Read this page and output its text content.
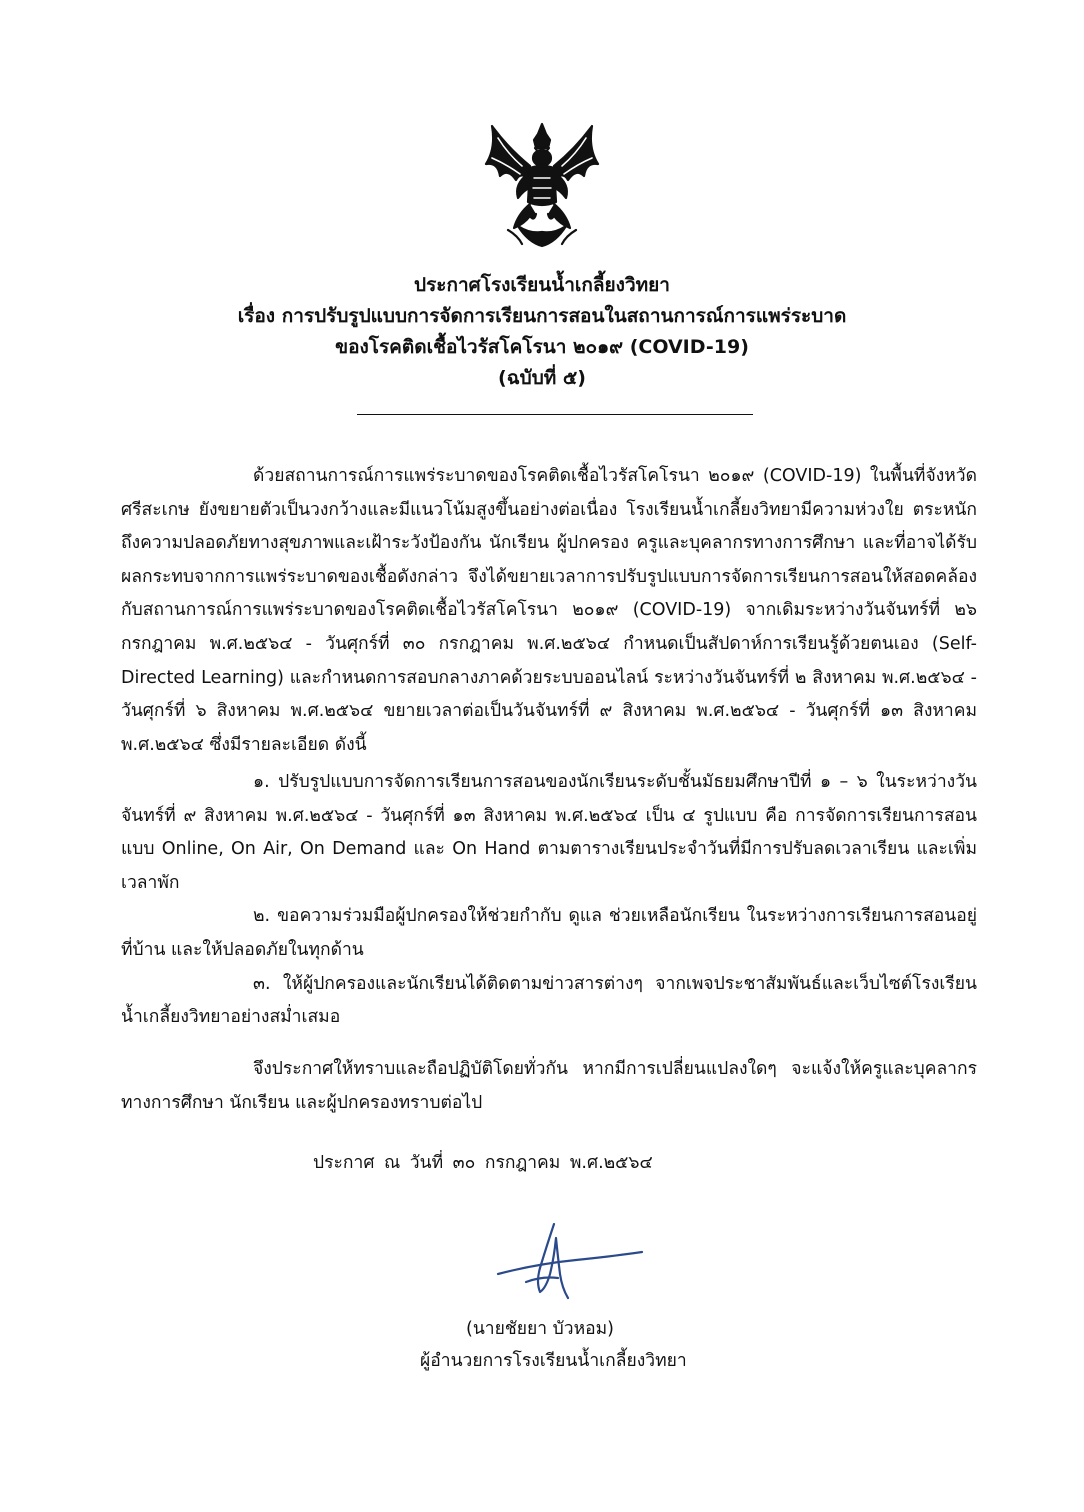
ประกาศโรงเรียนน้ำเกลี้ยงวิทยา
เรื่อง การปรับรูปแบบการจัดการเรียนการสอนในสถานการณ์การแพร่ระบาด
ของโรคติดเชื้อไวรัสโคโรนา ๒๐๑๙ (COVID-19)
(ฉบับที่ ๕)

ด้วยสถานการณ์การแพร่ระบาดของโรคติดเชื้อไวรัสโคโรนา ๒๐๑๙ (COVID-19) ในพื้นที่จังหวัดศรีสะเกษ ยังขยายตัวเป็นวงกว้างและมีแนวโน้มสูงขึ้นอย่างต่อเนื่อง โรงเรียนน้ำเกลี้ยงวิทยามีความห่วงใย ตระหนักถึงความปลอดภัยทางสุขภาพและเฝ้าระวังป้องกัน นักเรียน ผู้ปกครอง ครูและบุคลากรทางการศึกษา และที่อาจได้รับผลกระทบจากการแพร่ระบาดของเชื้อดังกล่าว จึงได้ขยายเวลาการปรับรูปแบบการจัดการเรียนการสอนให้สอดคล้องกับสถานการณ์การแพร่ระบาดของโรคติดเชื้อไวรัสโคโรนา ๒๐๑๙ (COVID-19) จากเดิมระหว่างวันจันทร์ที่ ๒๖ กรกฎาคม พ.ศ.๒๕๖๔ - วันศุกร์ที่ ๓๐ กรกฎาคม พ.ศ.๒๕๖๔ กำหนดเป็นสัปดาห์การเรียนรู้ด้วยตนเอง (Self-Directed Learning) และกำหนดการสอบกลางภาคด้วยระบบออนไลน์ ระหว่างวันจันทร์ที่ ๒ สิงหาคม พ.ศ.๒๕๖๔ - วันศุกร์ที่ ๖ สิงหาคม พ.ศ.๒๕๖๔ ขยายเวลาต่อเป็นวันจันทร์ที่ ๙ สิงหาคม พ.ศ.๒๕๖๔ - วันศุกร์ที่ ๑๓ สิงหาคม พ.ศ.๒๕๖๔ ซึ่งมีรายละเอียด ดังนี้

๑. ปรับรูปแบบการจัดการเรียนการสอนของนักเรียนระดับชั้นมัธยมศึกษาปีที่ ๑ – ๖ ในระหว่างวันจันทร์ที่ ๙ สิงหาคม พ.ศ.๒๕๖๔ - วันศุกร์ที่ ๑๓ สิงหาคม พ.ศ.๒๕๖๔ เป็น ๔ รูปแบบ คือ การจัดการเรียนการสอนแบบ Online, On Air, On Demand และ On Hand ตามตารางเรียนประจำวันที่มีการปรับลดเวลาเรียน และเพิ่มเวลาพัก

๒. ขอความร่วมมือผู้ปกครองให้ช่วยกำกับ ดูแล ช่วยเหลือนักเรียน ในระหว่างการเรียนการสอนอยู่ที่บ้าน และให้ปลอดภัยในทุกด้าน

๓. ให้ผู้ปกครองและนักเรียนได้ติดตามข่าวสารต่างๆ จากเพจประชาสัมพันธ์และเว็บไซต์โรงเรียนน้ำเกลี้ยงวิทยาอย่างสม่ำเสมอ

จึงประกาศให้ทราบและถือปฏิบัติโดยทั่วกัน หากมีการเปลี่ยนแปลงใดๆ จะแจ้งให้ครูและบุคลากรทางการศึกษา นักเรียน และผู้ปกครองทราบต่อไป

ประกาศ ณ วันที่ ๓๐ กรกฎาคม พ.ศ.๒๕๖๔
(นายชัยยา บัวหอม)
ผู้อำนวยการโรงเรียนน้ำเกลี้ยงวิทยา
